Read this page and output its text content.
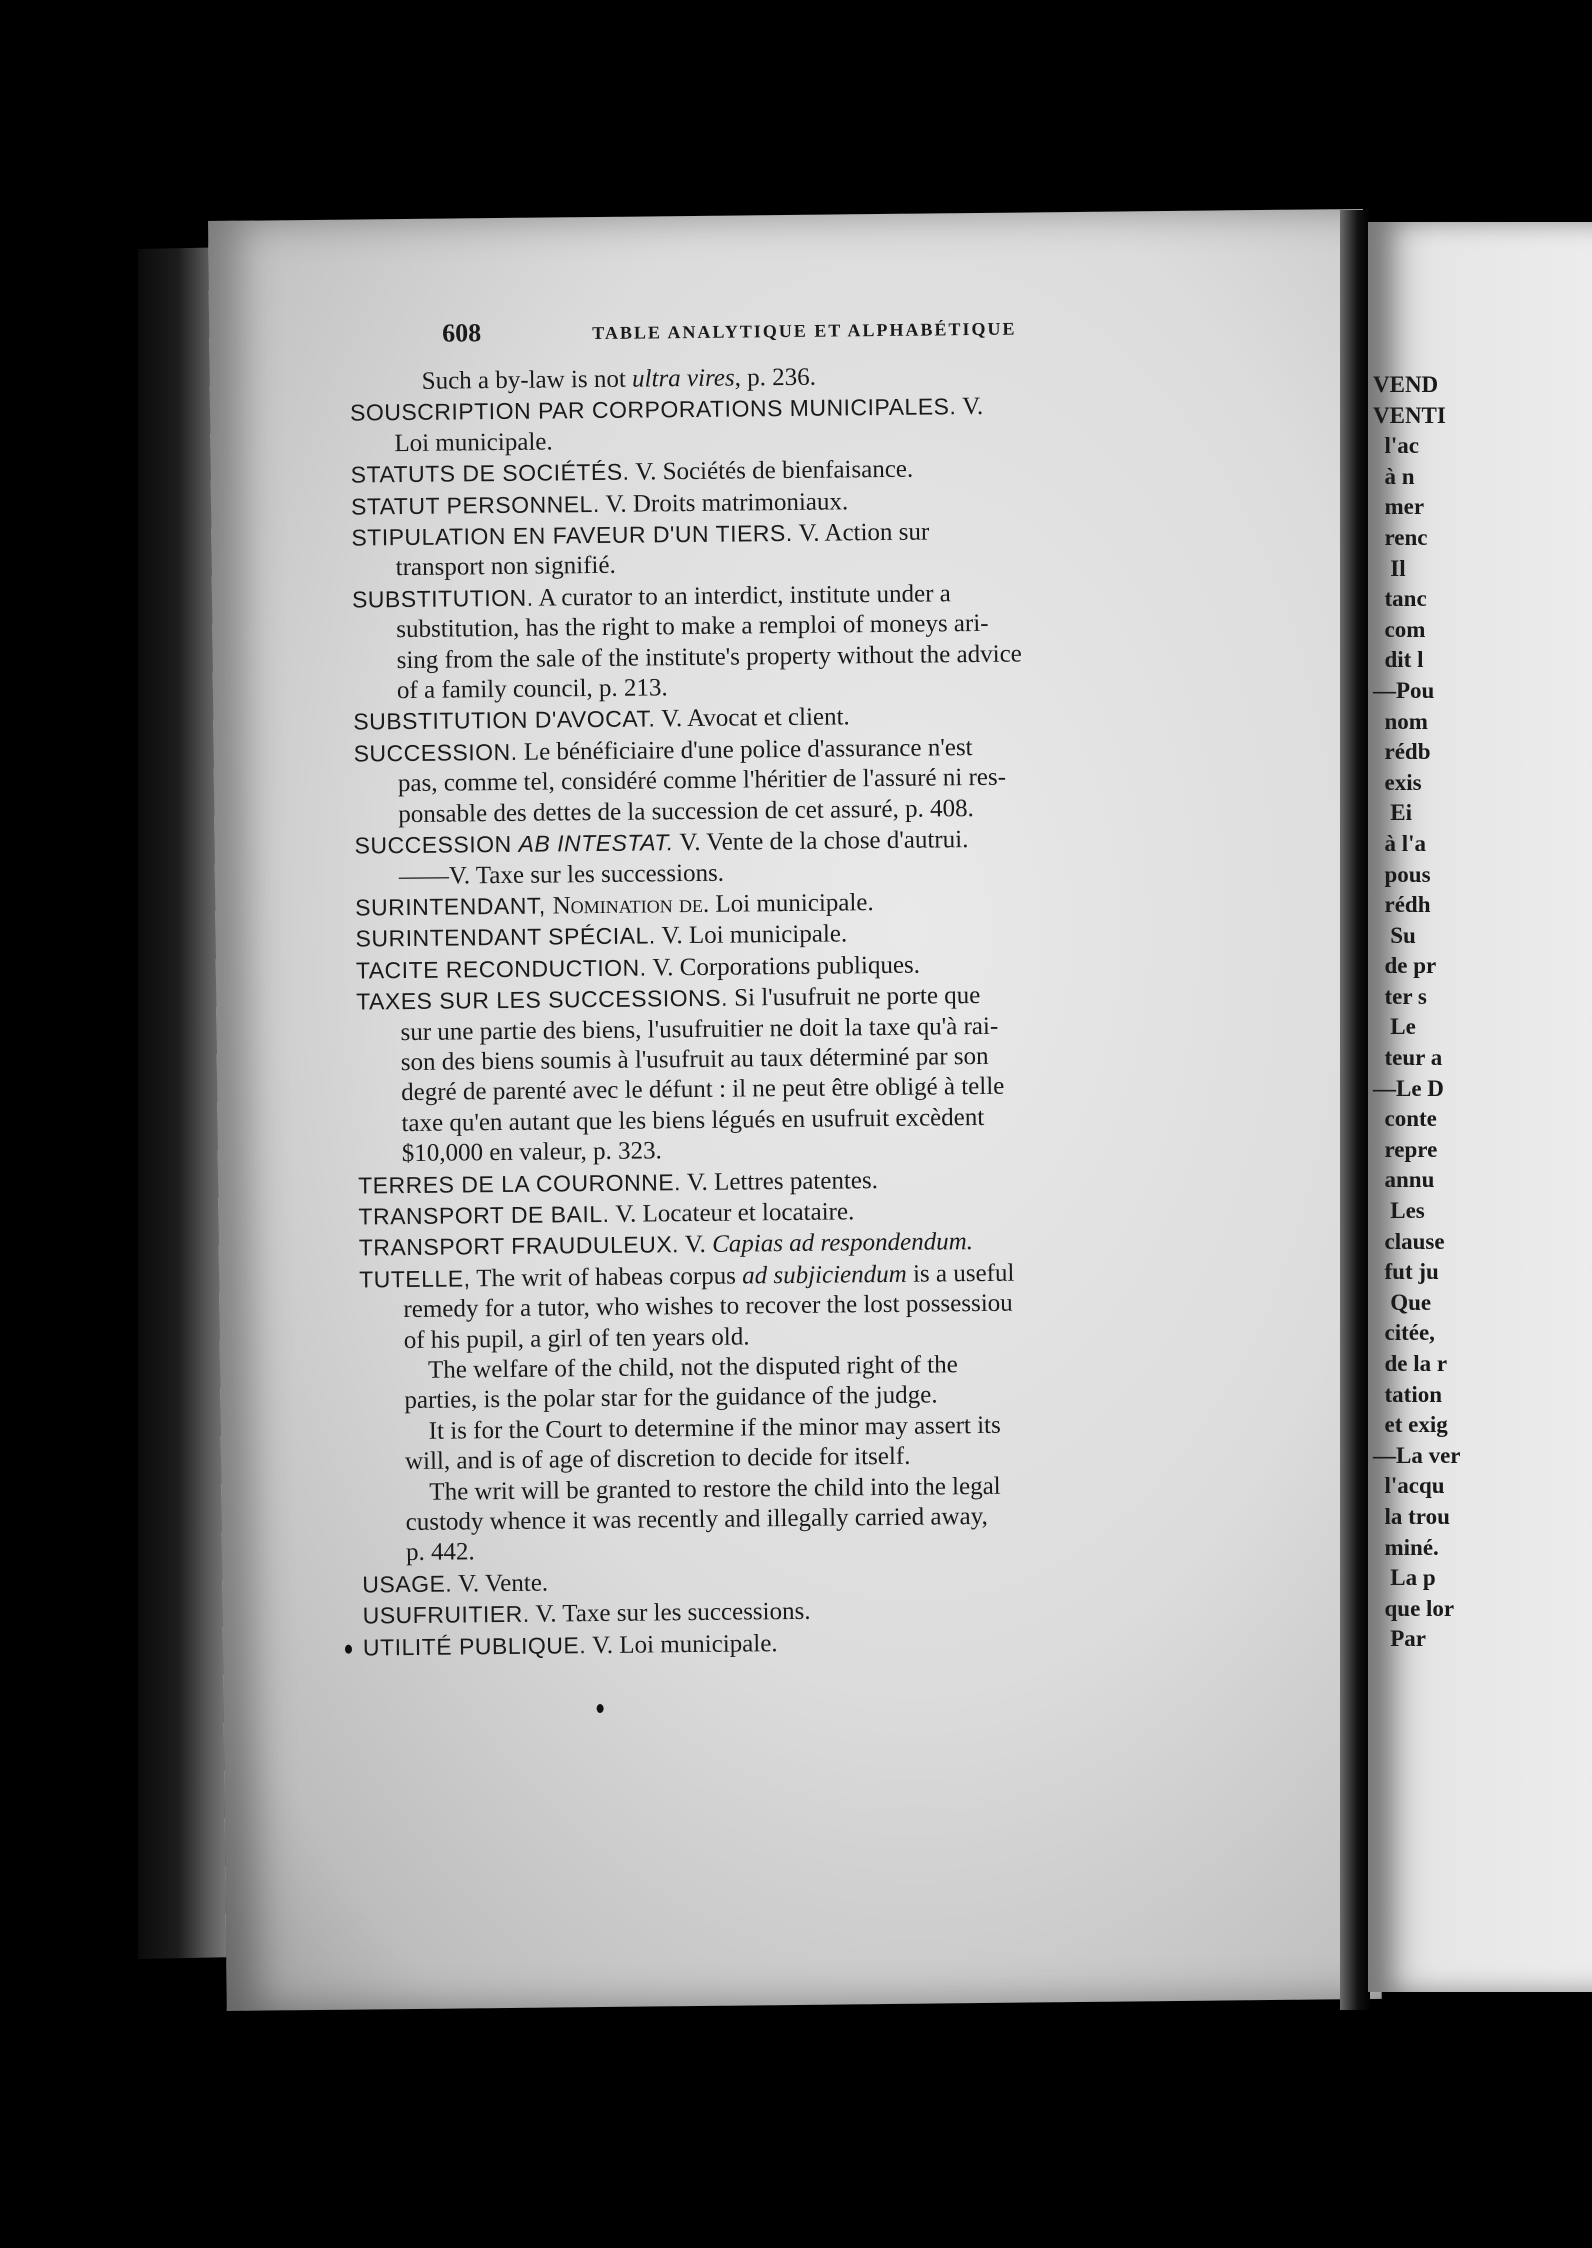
608	TABLE ANALYTIQUE ET ALPHABÉTIQUE
Such a by-law is not ultra vires, p. 236.
SOUSCRIPTION PAR CORPORATIONS MUNICIPALES. V.
Loi municipale.
STATUTS DE SOCIÉTÉS. V. Sociétés de bienfaisance.
STATUT PERSONNEL. V. Droits matrimoniaux.
STIPULATION EN FAVEUR D'UN TIERS. V. Action sur
transport non signifié.
SUBSTITUTION. A curator to an interdict, institute under a
substitution, has the right to make a remploi of moneys ari-
sing from the sale of the institute's property without the advice
of a family council, p. 213.
SUBSTITUTION D'AVOCAT. V. Avocat et client.
SUCCESSION. Le bénéficiaire d'une police d'assurance n'est
pas, comme tel, considéré comme l'héritier de l'assuré ni res-
ponsable des dettes de la succession de cet assuré, p. 408.
SUCCESSION AB INTESTAT. V. Vente de la chose d'autrui.
——V. Taxe sur les successions.
SURINTENDANT, Nomination de. Loi municipale.
SURINTENDANT SPÉCIAL. V. Loi municipale.
TACITE RECONDUCTION. V. Corporations publiques.
TAXES SUR LES SUCCESSIONS. Si l'usufruit ne porte que
sur une partie des biens, l'usufruitier ne doit la taxe qu'à rai-
son des biens soumis à l'usufruit au taux déterminé par son
degré de parenté avec le défunt : il ne peut être obligé à telle
taxe qu'en autant que les biens légués en usufruit excèdent
$10,000 en valeur, p. 323.
TERRES DE LA COURONNE. V. Lettres patentes.
TRANSPORT DE BAIL. V. Locateur et locataire.
TRANSPORT FRAUDULEUX. V. Capias ad respondendum.
TUTELLE, The writ of habeas corpus ad subjiciendum is a useful
remedy for a tutor, who wishes to recover the lost possessiou
of his pupil, a girl of ten years old.
The welfare of the child, not the disputed right of the
parties, is the polar star for the guidance of the judge.
It is for the Court to determine if the minor may assert its
will, and is of age of discretion to decide for itself.
The writ will be granted to restore the child into the legal
custody whence it was recently and illegally carried away,
p. 442.
USAGE. V. Vente.
USUFRUITIER. V. Taxe sur les successions.
UTILITÉ PUBLIQUE. V. Loi municipale.
VEND
VENTI
l'ac
à n
mer
renc
Il
tanc
com
dit l
—Pou
nom
rédb
exis
Ei
à l'a
pous
rédh
Su
de pr
ter s
Le
teur a
—Le D
conte
repre
annu
Les
clause
fut ju
Que
citée,
de la r
tation
et exig
—La ver
l'acqu
la trou
miné.
La p
que lor
Par
